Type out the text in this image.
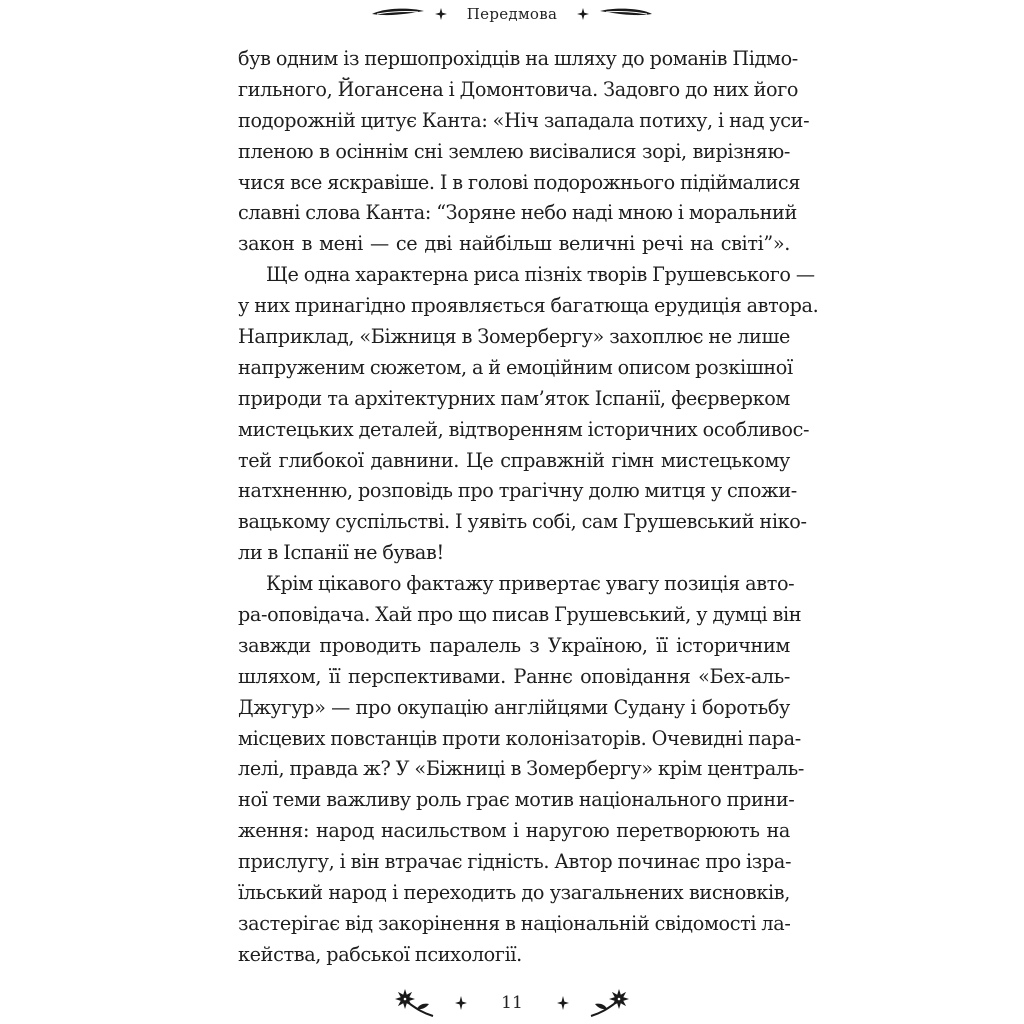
Передмова
був одним із першопрохідців на шляху до романів Підмо-
гильного, Йогансена і Домонтовича. Задовго до них його
подорожній цитує Канта: «Ніч западала потиху, і над уси-
пленою в осіннім сні землею висівалися зорі, вирізняю-
чися все яскравіше. І в голові подорожнього підіймалися
славні слова Канта: “Зоряне небо наді мною і моральний
закон в мені — се дві найбільш величні речі на світі”».
Ще одна характерна риса пізніх творів Грушевського —
у них принагідно проявляється багатюща ерудиція автора.
Наприклад, «Біжниця в Зомербергу» захоплює не лише
напруженим сюжетом, а й емоційним описом розкішної
природи та архітектурних пам’яток Іспанії, феєрверком
мистецьких деталей, відтворенням історичних особливос-
тей глибокої давнини. Це справжній гімн мистецькому
натхненню, розповідь про трагічну долю митця у спожи-
вацькому суспільстві. І уявіть собі, сам Грушевський ніко-
ли в Іспанії не бував!
Крім цікавого фактажу привертає увагу позиція авто-
ра-оповідача. Хай про що писав Грушевський, у думці він
завжди проводить паралель з Україною, її історичним
шляхом, її перспективами. Раннє оповідання «Бех-аль-
Джугур» — про окупацію англійцями Судану і боротьбу
місцевих повстанців проти колонізаторів. Очевидні пара-
лелі, правда ж? У «Біжниці в Зомербергу» крім централь-
ної теми важливу роль грає мотив національного прини-
ження: народ насильством і наругою перетворюють на
прислугу, і він втрачає гідність. Автор починає про ізра-
їльський народ і переходить до узагальнених висновків,
застерігає від закорінення в національній свідомості ла-
кейства, рабської психології.
11
